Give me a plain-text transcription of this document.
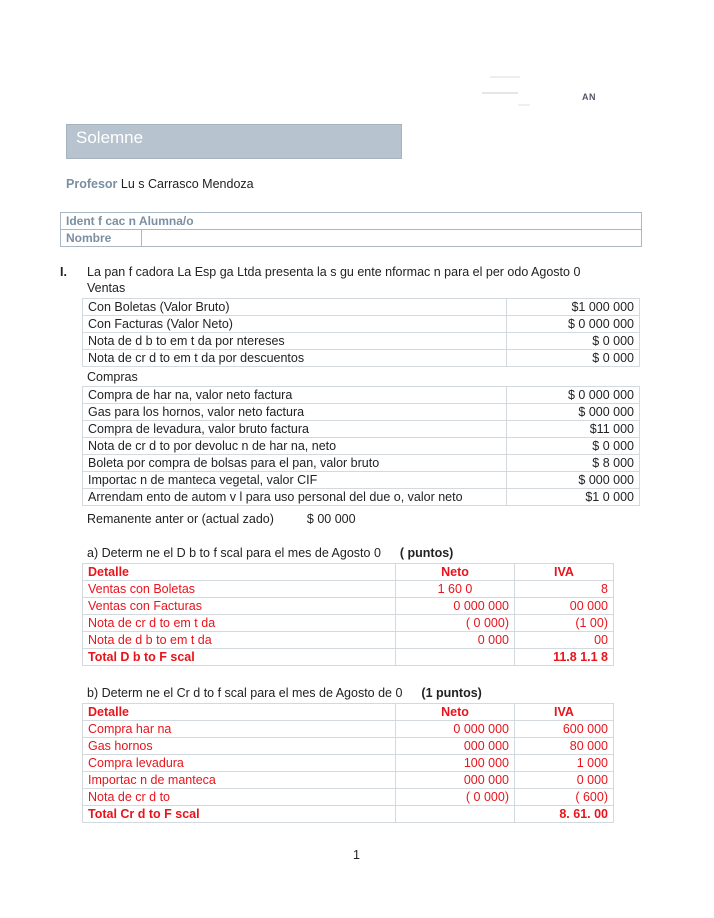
AN
Solemne
Profesor Lu s Carrasco Mendoza
Ident f cac n Alumna/o
Nombre	
I. La pan f cadora La Esp ga Ltda presenta la s gu ente nformac n para el per odo Agosto 0
Ventas
Con Boletas (Valor Bruto)	$1 000 000
Con Facturas (Valor Neto)	$ 0 000 000
Nota de d b to em t da por ntereses	$ 0 000
Nota de cr d to em t da por descuentos	$ 0 000
Compras
Compra de har na, valor neto factura	$ 0 000 000
Gas para los hornos, valor neto factura	$ 000 000
Compra de levadura, valor bruto factura	$11 000
Nota de cr d to por devoluc n de har na, neto	$ 0 000
Boleta por compra de bolsas para el pan, valor bruto	$ 8 000
Importac n de manteca vegetal, valor CIF	$ 000 000
Arrendam ento de autom v l para uso personal del due o, valor neto	$1 0 000
Remanente anter or (actual zado)	$ 00 000
a) Determ ne el D b to f scal para el mes de Agosto 0 ( puntos)
Detalle	Neto	IVA
Ventas con Boletas	1 60 0	8
Ventas con Facturas	0 000 000	00 000
Nota de cr d to em t da	( 0 000)	(1 00)
Nota de d b to em t da	0 000	00
Total D b to F scal		11.8 1.1 8
b) Determ ne el Cr d to f scal para el mes de Agosto de 0 (1 puntos)
Detalle	Neto	IVA
Compra har na	0 000 000	600 000
Gas hornos	000 000	80 000
Compra levadura	100 000	1 000
Importac n de manteca	000 000	0 000
Nota de cr d to	( 0 000)	( 600)
Total Cr d to F scal		8. 61. 00
1
